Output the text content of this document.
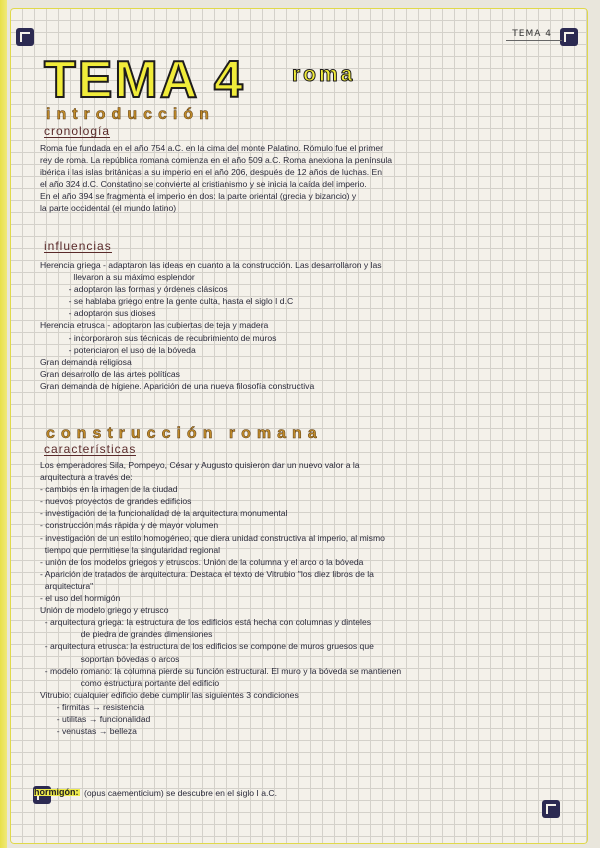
TEMA 4
TEMA 4 roma
introducción
cronología
Roma fue fundada en el año 754 a.C. en la cima del monte Palatino. Rómulo fue el primer
rey de roma. La república romana comienza en el año 509 a.C. Roma anexiona la península
ibérica i las islas británicas a su imperio en el año 206, después de 12 años de luchas. En
el año 324 d.C. Constatino se convierte al cristianismo y se inicia la caída del imperio.
En el año 394 se fragmenta el imperio en dos: la parte oriental (grecia y bizancio) y
la parte occidental (el mundo latino)
influencias
Herencia griega - adaptaron las ideas en cuanto a la construcción. Las desarrollaron y las
llevaron a su máximo esplendor
- adoptaron las formas y órdenes clásicos
- se hablaba griego entre la gente culta, hasta el siglo I d.C
- adoptaron sus dioses
Herencia etrusca - adoptaron las cubiertas de teja y madera
- incorporaron sus técnicas de recubrimiento de muros
- potenciaron el uso de la bóveda
Gran demanda religiosa
Gran desarrollo de las artes políticas
Gran demanda de higiene. Aparición de una nueva filosofía constructiva
construcción romana
características
Los emperadores Sila, Pompeyo, César y Augusto quisieron dar un nuevo valor a la
arquitectura a través de:
- cambios en la imagen de la ciudad
- nuevos proyectos de grandes edificios
- investigación de la funcionalidad de la arquitectura monumental
- construcción más rápida y de mayor volumen
- investigación de un estilo homogéneo, que diera unidad constructiva al imperio, al mismo
tiempo que permitiese la singularidad regional
- unión de los modelos griegos y etruscos. Unión de la columna y el arco o la bóveda
- Aparición de tratados de arquitectura. Destaca el texto de Vitrubio "los diez libros de la
arquitectura"
- el uso del hormigón
Unión de modelo griego y etrusco
- arquitectura griega: la estructura de los edificios está hecha con columnas y dinteles
de piedra de grandes dimensiones
- arquitectura etrusca: la estructura de los edificios se compone de muros gruesos que
soportan bóvedas o arcos
- modelo romano: la columna pierde su función estructural. El muro y la bóveda se mantienen
como estructura portante del edificio
Vitrubio: cualquier edificio debe cumplir las siguientes 3 condiciones
- firmitas → resistencia
- utilitas → funcionalidad
- venustas → belleza
hormigón: (opus caementicium) se descubre en el siglo I a.C.
